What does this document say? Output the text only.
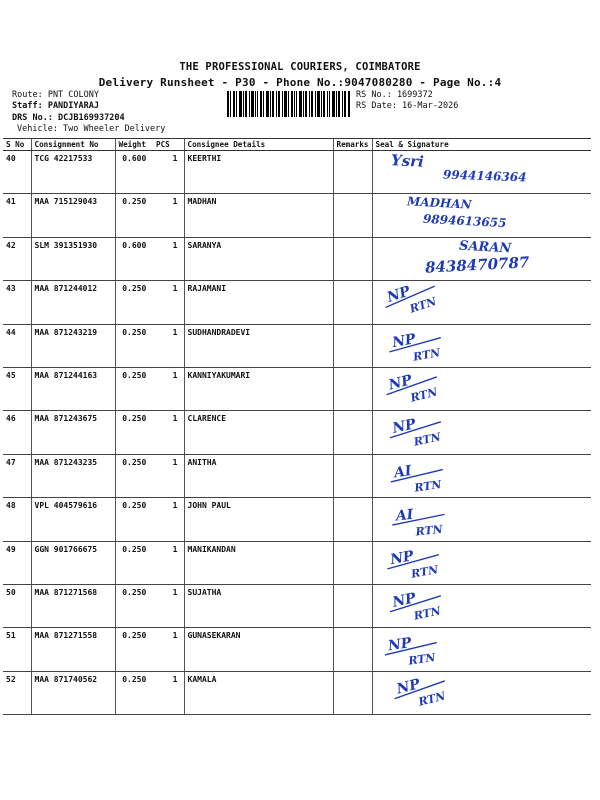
THE PROFESSIONAL COURIERS, COIMBATORE
Delivery Runsheet - P30 - Phone No.:9047080280 - Page No.:4
Route: PNT COLONY
Staff: PANDIYARAJ
DRS No.: DCJB169937204
Vehicle: Two Wheeler Delivery
RS No.: 1699372
RS Date: 16-Mar-2026
S No	Consignment No	Weight	PCS	Consignee Details	Remarks	Seal & Signature
40	TCG 42217533	0.600	1	KEERTHI		Ysri
9944146364

41	MAA 715129043	0.250	1	MADHAN		MADHAN
9894613655

42	SLM 391351930	0.600	1	SARANYA		SARAN
8438470787

43	MAA 871244012	0.250	1	RAJAMANI		NP
RTN

44	MAA 871243219	0.250	1	SUDHANDRADEVI		NP
RTN

45	MAA 871244163	0.250	1	KANNIYAKUMARI		NP
RTN

46	MAA 871243675	0.250	1	CLARENCE		NP
RTN

47	MAA 871243235	0.250	1	ANITHA		AI
RTN

48	VPL 404579616	0.250	1	JOHN PAUL		AI
RTN

49	GGN 901766675	0.250	1	MANIKANDAN		NP
RTN

50	MAA 871271568	0.250	1	SUJATHA		NP
RTN

51	MAA 871271558	0.250	1	GUNASEKARAN		NP
RTN

52	MAA 871740562	0.250	1	KAMALA		NP
RTN
